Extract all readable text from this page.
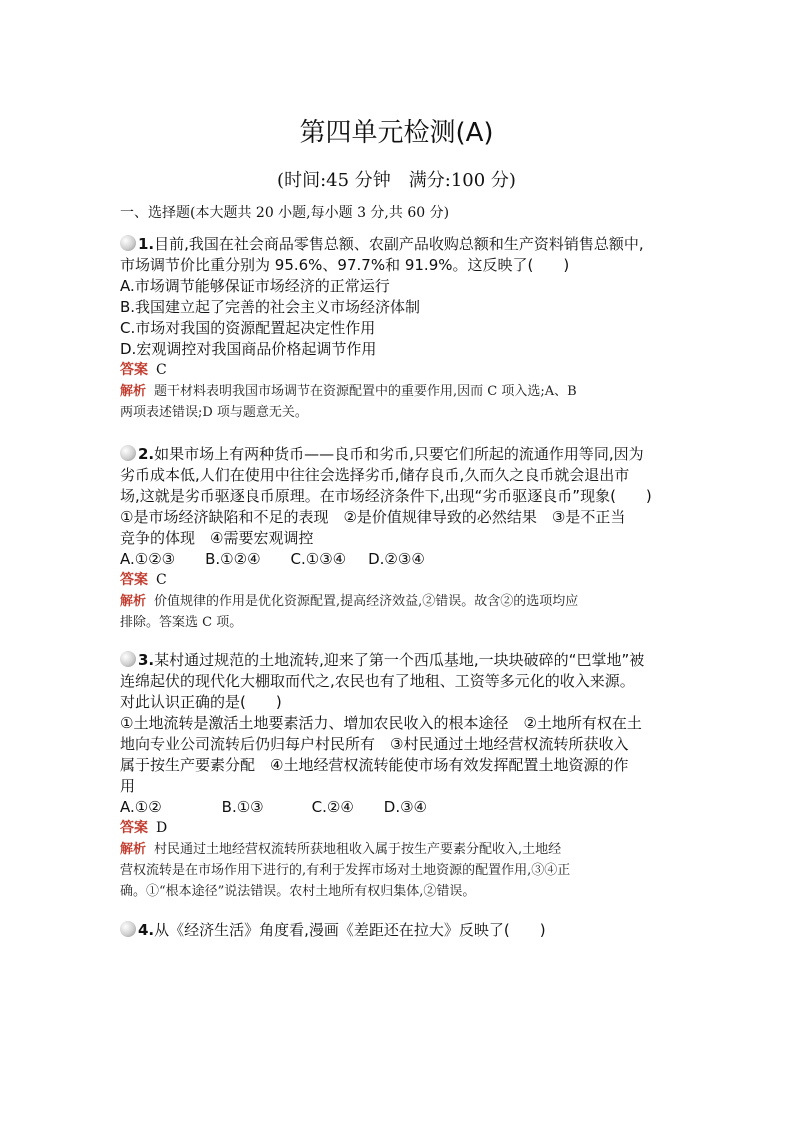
第四单元检测(A)
(时间:45 分钟　满分:100 分)
一、选择题(本大题共 20 小题,每小题 3 分,共 60 分)
1.目前,我国在社会商品零售总额、农副产品收购总额和生产资料销售总额中,
市场调节价比重分别为 95.6%、97.7%和 91.9%。这反映了(　　)
A.市场调节能够保证市场经济的正常运行
B.我国建立起了完善的社会主义市场经济体制
C.市场对我国的资源配置起决定性作用
D.宏观调控对我国商品价格起调节作用
答案 C
解析 题干材料表明我国市场调节在资源配置中的重要作用,因而 C 项入选;A、B
两项表述错误;D 项与题意无关。
2.如果市场上有两种货币——良币和劣币,只要它们所起的流通作用等同,因为
劣币成本低,人们在使用中往往会选择劣币,储存良币,久而久之良币就会退出市
场,这就是劣币驱逐良币原理。在市场经济条件下,出现“劣币驱逐良币”现象(　　)
①是市场经济缺陷和不足的表现　②是价值规律导致的必然结果　③是不正当
竞争的体现　④需要宏观调控
A.①②③ B.①②④ C.①③④ D.②③④
答案 C
解析 价值规律的作用是优化资源配置,提高经济效益,②错误。故含②的选项均应
排除。答案选 C 项。
3.某村通过规范的土地流转,迎来了第一个西瓜基地,一块块破碎的“巴掌地”被
连绵起伏的现代化大棚取而代之,农民也有了地租、工资等多元化的收入来源。
对此认识正确的是(　　)
①土地流转是激活土地要素活力、增加农民收入的根本途径　②土地所有权在土
地向专业公司流转后仍归每户村民所有　③村民通过土地经营权流转所获收入
属于按生产要素分配　④土地经营权流转能使市场有效发挥配置土地资源的作
用
A.①②	B.①③	C.②④ D.③④
答案 D
解析 村民通过土地经营权流转所获地租收入属于按生产要素分配收入,土地经
营权流转是在市场作用下进行的,有利于发挥市场对土地资源的配置作用,③④正
确。①“根本途径”说法错误。农村土地所有权归集体,②错误。
4.从《经济生活》角度看,漫画《差距还在拉大》反映了(　　)
